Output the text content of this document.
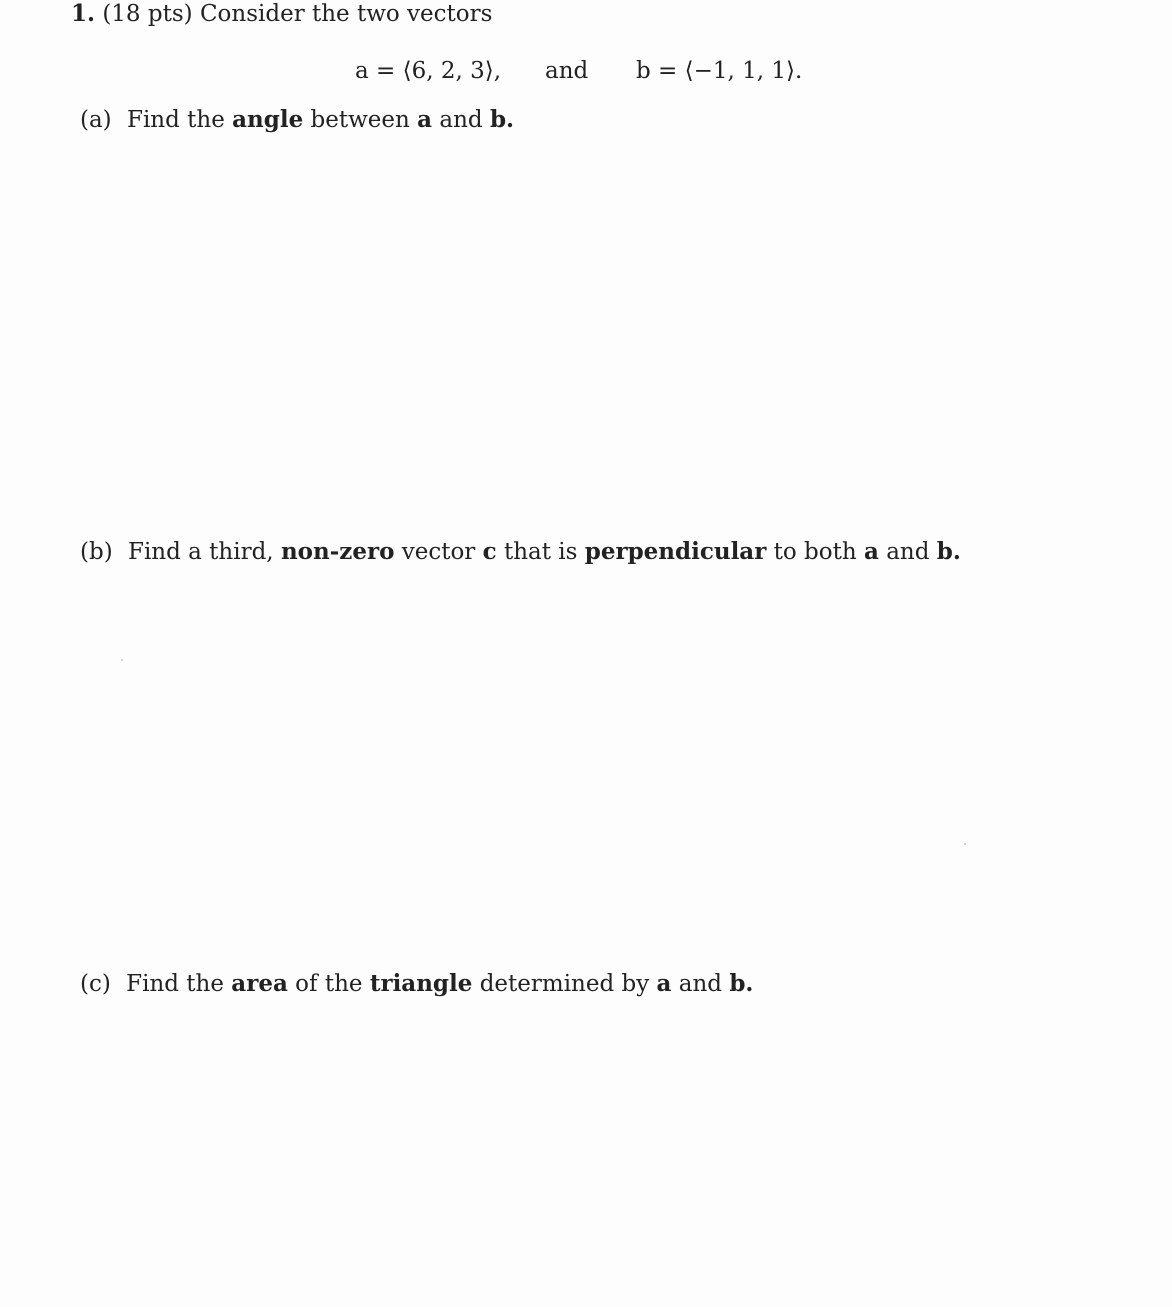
1. (18 pts) Consider the two vectors
a = ⟨6, 2, 3⟩, and b = ⟨−1, 1, 1⟩.
(a) Find the angle between a and b.
(b) Find a third, non-zero vector c that is perpendicular to both a and b.
(c) Find the area of the triangle determined by a and b.
